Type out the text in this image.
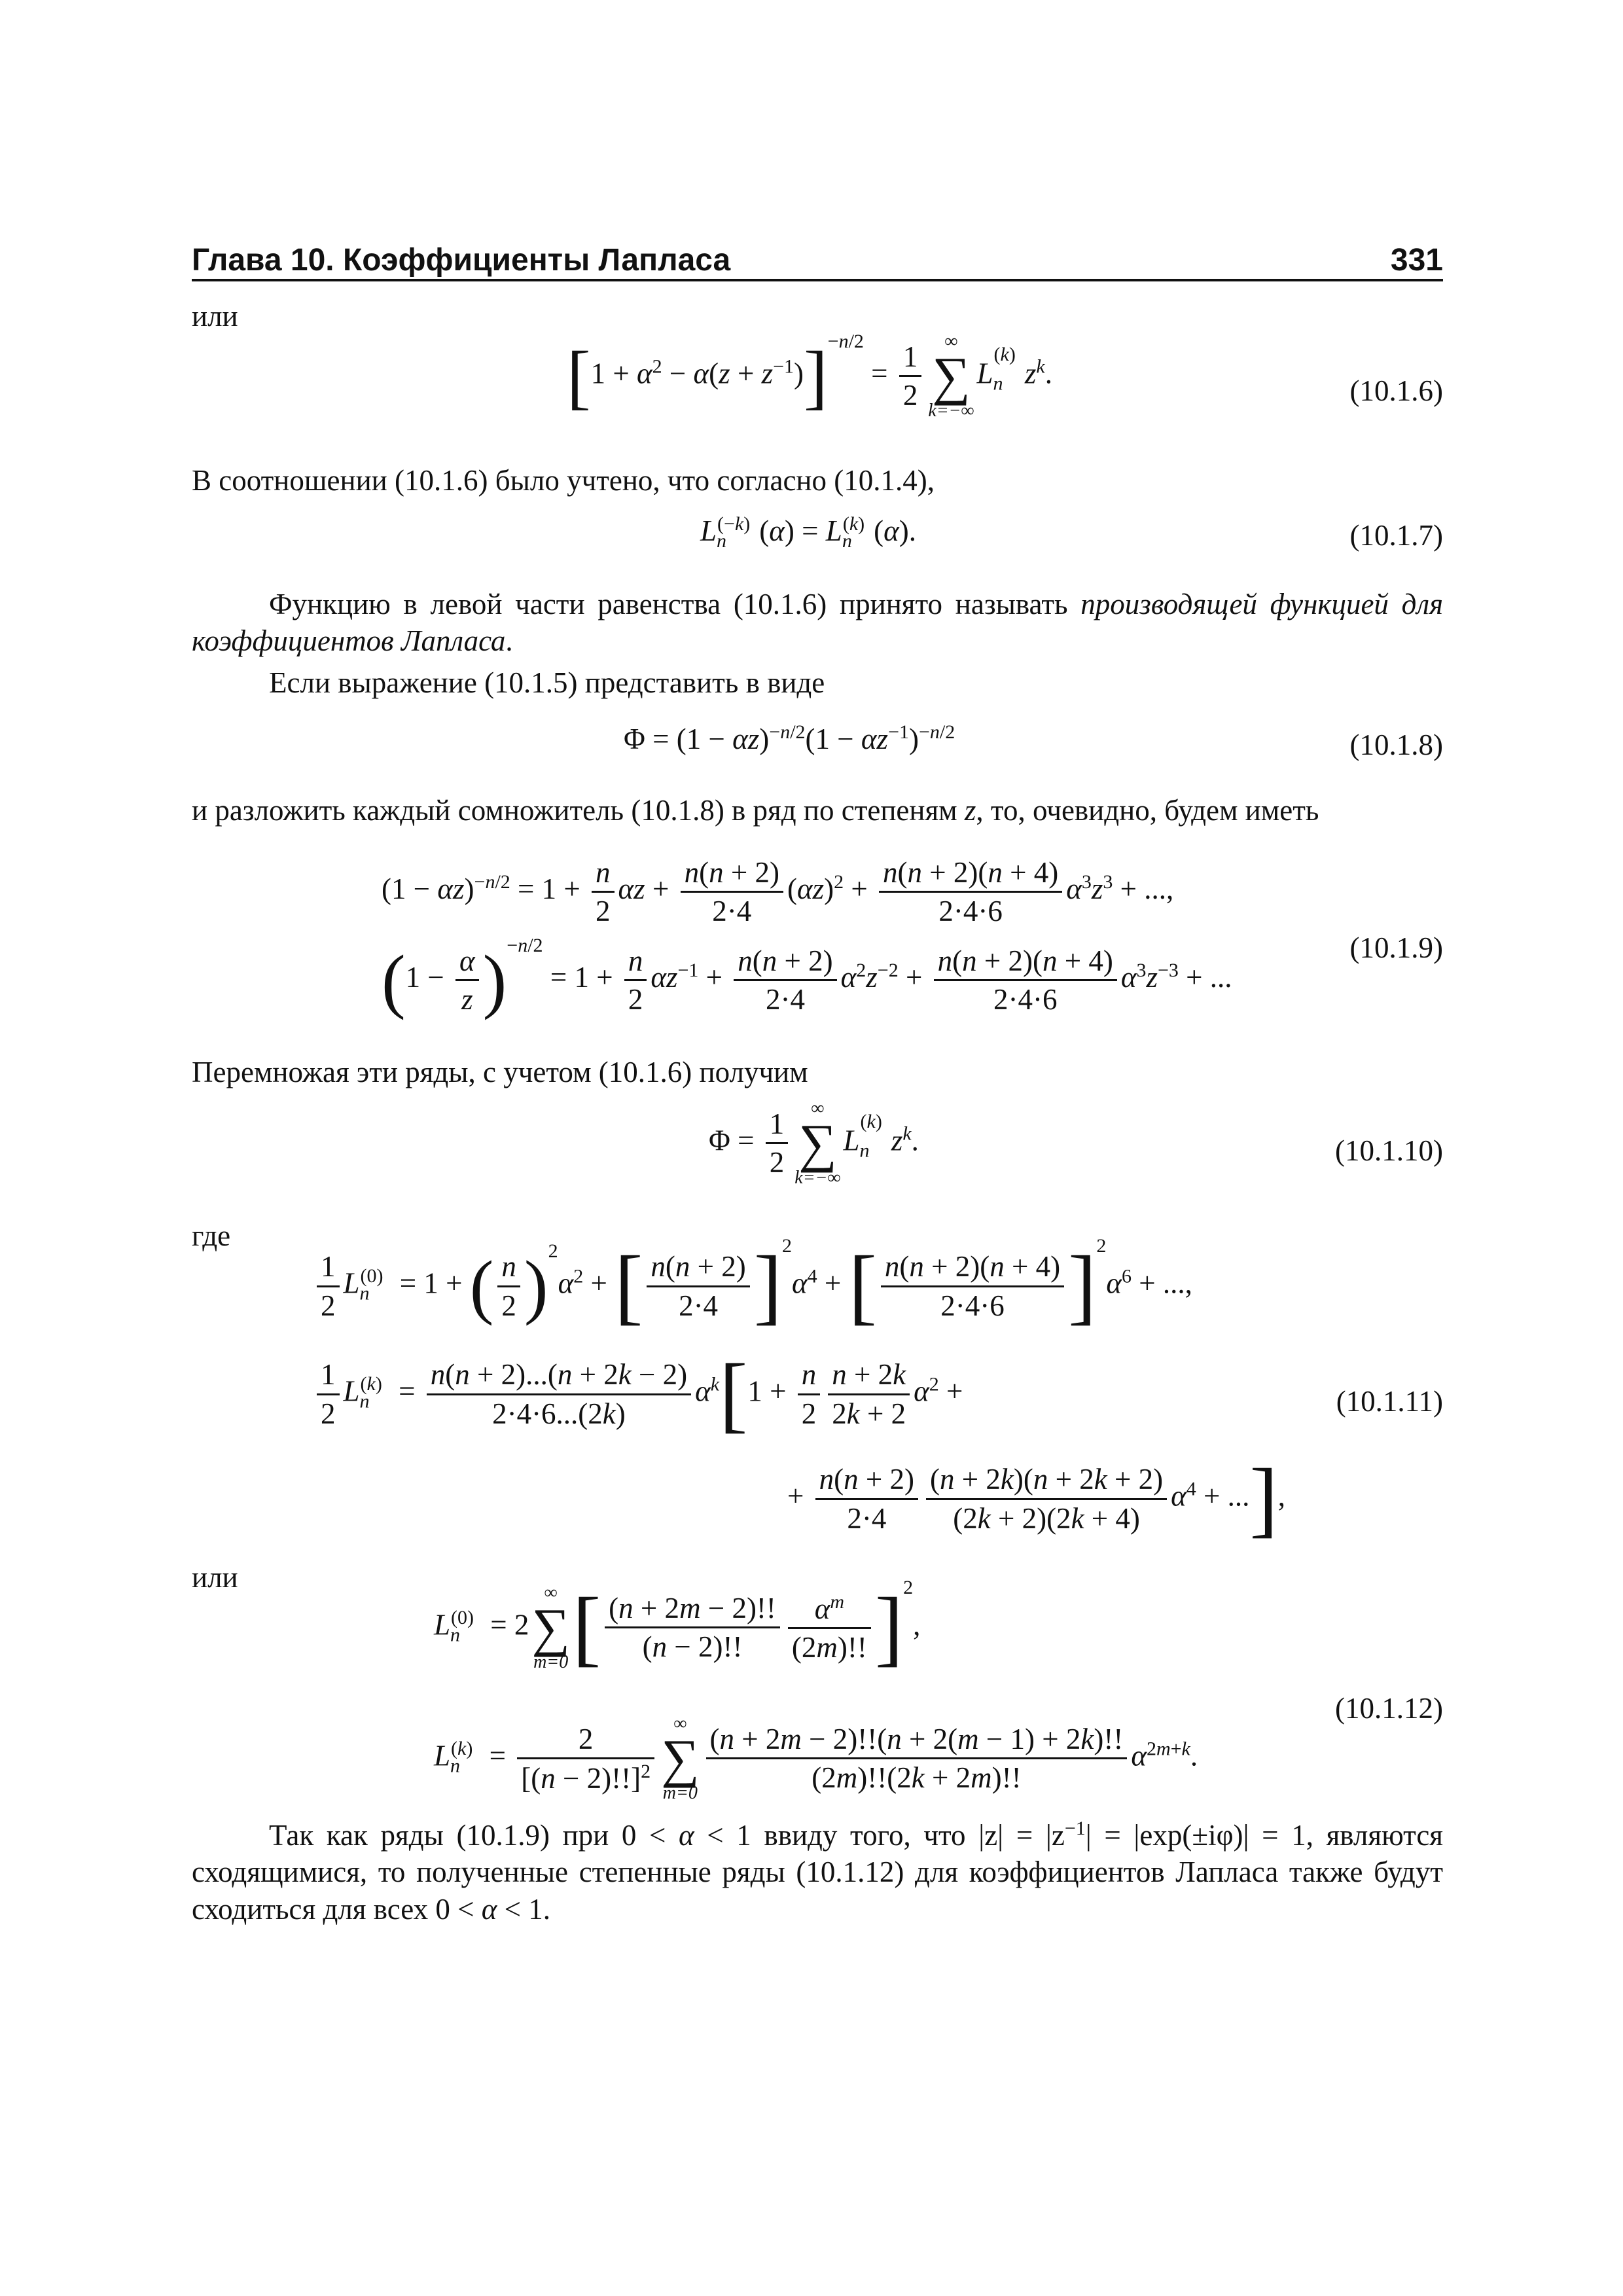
Глава 10. Коэффициенты Лапласа	331
или
$[1 + \alpha^2 - \alpha(z + z^{-1})]^{-n/2} = \frac{1}{2}$	∞
∑
k=−∞
$L_n^{(k)}z^k$.
(10.1.6)
В соотношении (10.1.6) было учтено, что согласно (10.1.4),
$L_n^{(-k)}$ $(\alpha) = L_n^{(k)}$ (α).	(10.1.7)
Функцию в левой части равенства (10.1.6) принято называть производящей функцией для коэффициентов Лапласа.
Если выражение (10.1.5) представить в виде
$\Phi = (1 - \alpha z)^{-n/2}(1 - \alpha z^{-1})^{-n/2}$	(10.1.8)
и разложить каждый сомножитель (10.1.8) в ряд по степеням z, то, очевидно, будем иметь
$(1 - \alpha z)^{-n/2} = 1 + \frac{n}{2}$ $\alpha z + \frac{n(n + 2)}{2\cdot 4} (\alpha z)^2 + \frac{n(n + 2)(n + 4)}{2\cdot 4\cdot 6} \alpha^3z^3$ + ...,
$(1 - \frac{\alpha}{z} )^{-n/2} = 1 + \frac{n}{2} \alpha z^{-1} + \frac{n(n + 2)}{2\cdot 4} \alpha^2z^{-2} + \frac{n(n + 2)(n + 4)}{2\cdot 4\cdot 6} \alpha^3z^{-3}$ + ...
(10.1.9)
Перемножая эти ряды, с учетом (10.1.6) получим
$\Phi = \frac{1}{2}$	∞
∑
k=−∞
$L_n^{(k)}z^k$.	(10.1.10)
где
$\frac{1}{2} L_n^{(0)} = 1$ + ( $\frac{n}{2} )^2\alpha^2$ + [ $\frac{n(n + 2)}{2\cdot 4} ]^2\alpha^4$ + [ $\frac{n(n + 2)(n + 4)}{2\cdot 4\cdot 6} ]^2\alpha^6$ + ...,
$\frac{1}{2} L_n^{(k)} = \frac{n(n + 2)...(n + 2k - 2)}{2\cdot 4\cdot 6...(2k)} \alpha^k[1 + \frac{n}{2} \frac{n + 2k}{2k + 2} \alpha^2$ +
+ $\frac{n(n + 2)}{2\cdot 4} \frac{(n + 2k)(n + 2k + 2)}{(2k + 2)(2k + 4)} \alpha^4$ + ...],
(10.1.11)
или
$L_n^{(0)} = 2$
∞
∑
m=0 [ $\frac{(n + 2m - 2)!!}{(n - 2)!!} \frac{\alpha^m}{(2m)!!} ]^2$,
$L_n^{(k)} = \frac{2}{[(n - 2)!!]^2}$	∞
∑
$m=0 \frac{(n + 2m - 2)!!(n + 2(m - 1) + 2k)!!}{(2m)!!(2k + 2m)!!} \alpha^{2m+k}$.
(10.1.12)
Так как ряды (10.1.9) при 0 < α < 1 ввиду того, что $|z| = |z^{-1}| = |\exp(\pm i\varphi)| = 1$, являются сходящимися, то полученные степенные ряды (10.1.12) для коэффициентов Лапласа также будут сходиться для всех 0 < α < 1.
